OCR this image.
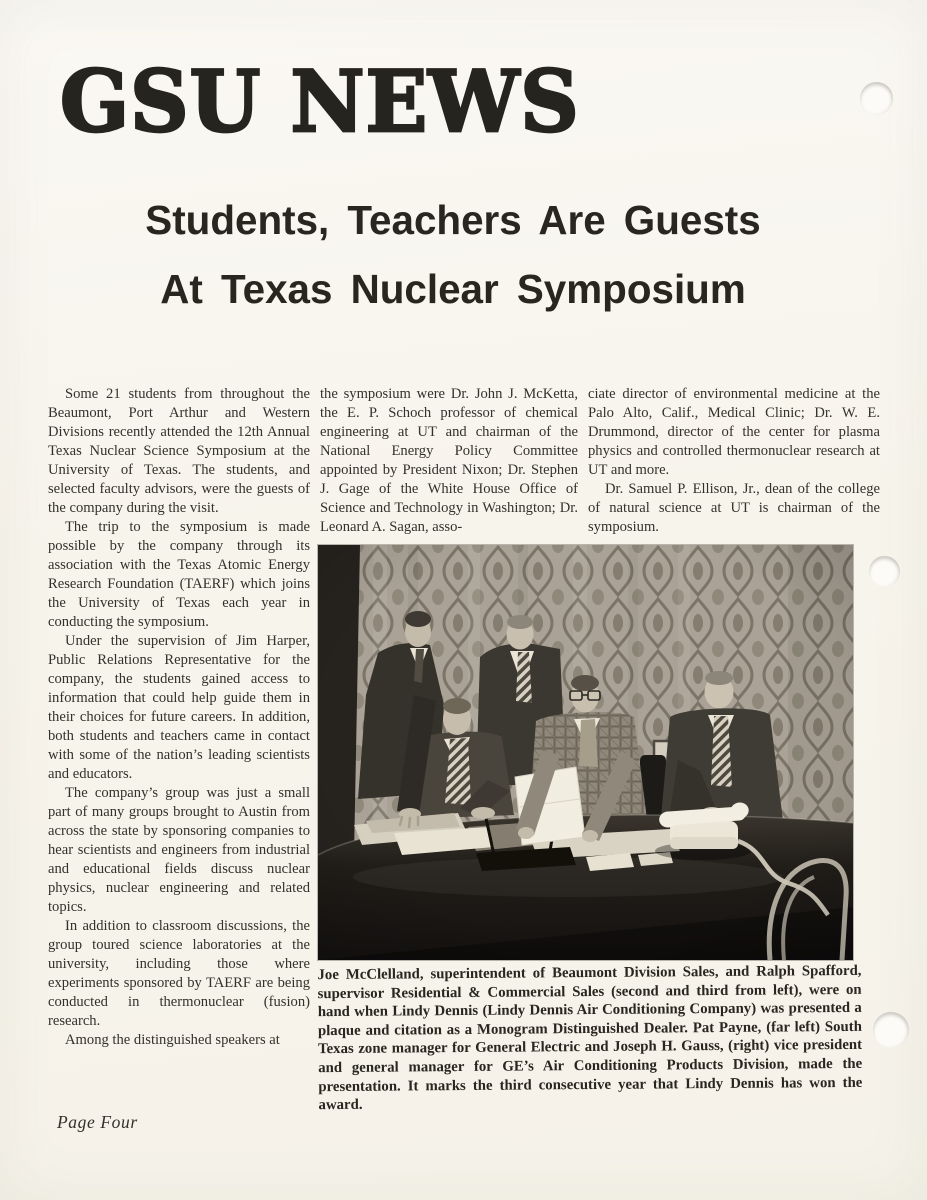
GSU NEWS
Students, Teachers Are Guests
At Texas Nuclear Symposium

Some 21 students from throughout the Beaumont, Port Arthur and Western Divisions recently attended the 12th Annual Texas Nuclear Science Symposium at the University of Texas. The students, and selected faculty advisors, were the guests of the company during the visit.

The trip to the symposium is made possible by the company through its association with the Texas Atomic Energy Research Foundation (TAERF) which joins the University of Texas each year in conducting the symposium.

Under the supervision of Jim Harper, Public Relations Representative for the company, the students gained access to information that could help guide them in their choices for future careers. In addition, both students and teachers came in contact with some of the nation’s leading scientists and educators.

The company’s group was just a small part of many groups brought to Austin from across the state by sponsoring companies to hear scientists and engineers from industrial and educational fields discuss nuclear physics, nuclear engineering and related topics.

In addition to classroom discussions, the group toured science laboratories at the university, including those where experiments sponsored by TAERF are being conducted in thermonuclear (fusion) research.

Among the distinguished speakers at

the symposium were Dr. John J. McKetta, the E. P. Schoch professor of chemical engineering at UT and chairman of the National Energy Policy Committee appointed by President Nixon; Dr. Stephen J. Gage of the White House Office of Science and Technology in Washington; Dr. Leonard A. Sagan, asso-

ciate director of environmental medicine at the Palo Alto, Calif., Medical Clinic; Dr. W. E. Drummond, director of the center for plasma physics and controlled thermonuclear research at UT and more.

Dr. Samuel P. Ellison, Jr., dean of the college of natural science at UT is chairman of the symposium.

Joe McClelland, superintendent of Beaumont Division Sales, and Ralph Spafford, supervisor Residential & Commercial Sales (second and third from left), were on hand when Lindy Dennis (Lindy Dennis Air Conditioning Company) was presented a plaque and citation as a Monogram Distinguished Dealer. Pat Payne, (far left) South Texas zone manager for General Electric and Joseph H. Gauss, (right) vice president and general manager for GE’s Air Conditioning Products Division, made the presentation. It marks the third consecutive year that Lindy Dennis has won the award.

Page Four
